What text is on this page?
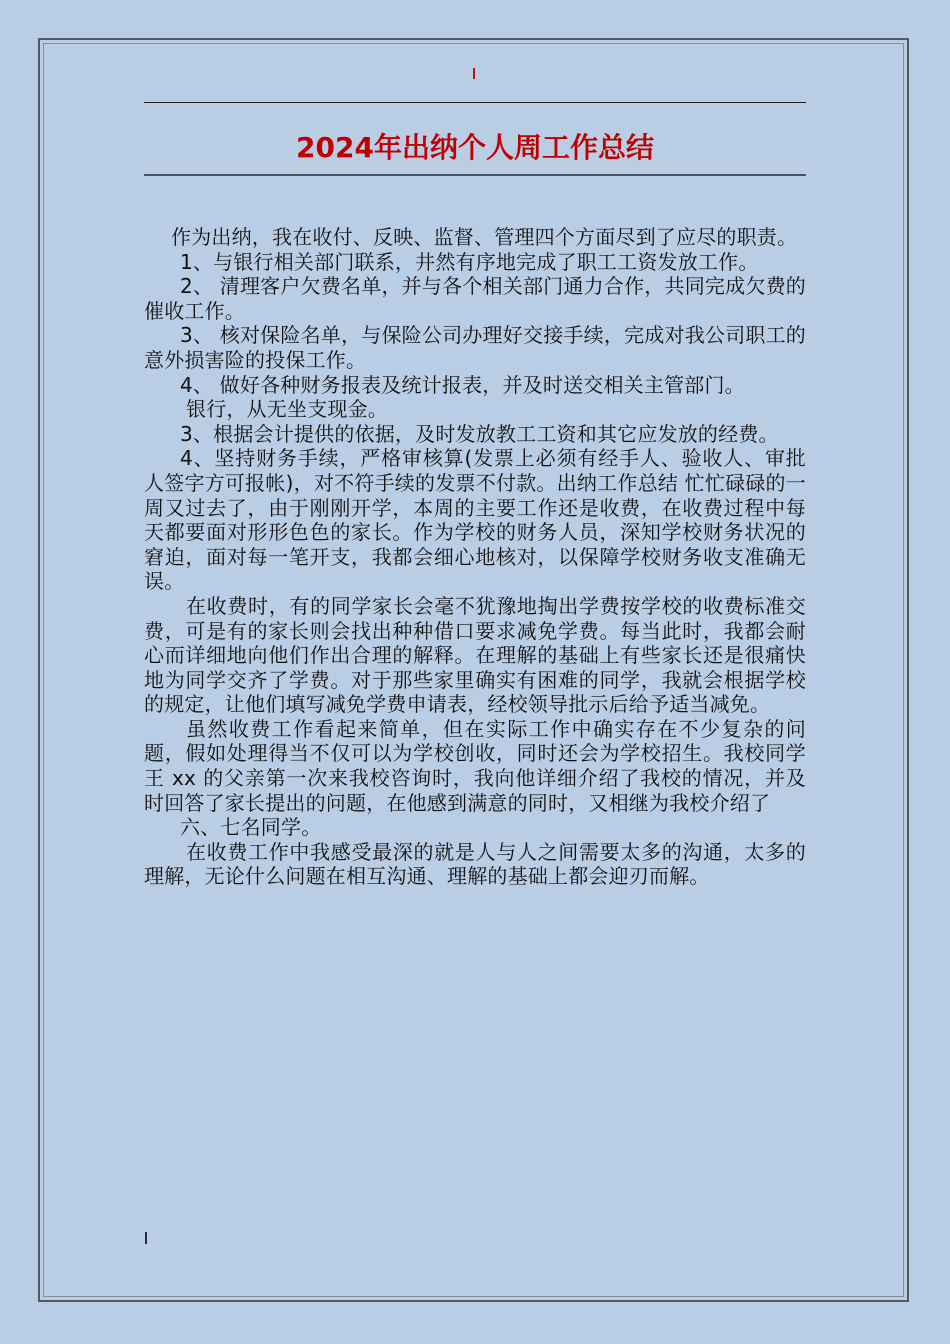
2024年出纳个人周工作总结

作为出纳，我在收付、反映、监督、管理四个方面尽到了应尽的职责。

1、与银行相关部门联系，井然有序地完成了职工工资发放工作。

2、 清理客户欠费名单，并与各个相关部门通力合作，共同完成欠费的催收工作。

3、 核对保险名单，与保险公司办理好交接手续，完成对我公司职工的意外损害险的投保工作。

4、 做好各种财务报表及统计报表，并及时送交相关主管部门。

银行，从无坐支现金。

3、根据会计提供的依据，及时发放教工工资和其它应发放的经费。

4、坚持财务手续，严格审核算(发票上必须有经手人、验收人、审批人签字方可报帐)，对不符手续的发票不付款。出纳工作总结 忙忙碌碌的一周又过去了，由于刚刚开学，本周的主要工作还是收费，在收费过程中每天都要面对形形色色的家长。作为学校的财务人员，深知学校财务状况的窘迫，面对每一笔开支，我都会细心地核对，以保障学校财务收支准确无误。

在收费时，有的同学家长会毫不犹豫地掏出学费按学校的收费标准交费，可是有的家长则会找出种种借口要求减免学费。每当此时，我都会耐心而详细地向他们作出合理的解释。在理解的基础上有些家长还是很痛快地为同学交齐了学费。对于那些家里确实有困难的同学，我就会根据学校的规定，让他们填写减免学费申请表，经校领导批示后给予适当减免。

虽然收费工作看起来简单，但在实际工作中确实存在不少复杂的问题，假如处理得当不仅可以为学校创收，同时还会为学校招生。我校同学王 xx 的父亲第一次来我校咨询时，我向他详细介绍了我校的情况，并及时回答了家长提出的问题，在他感到满意的同时，又相继为我校介绍了

六、七名同学。

在收费工作中我感受最深的就是人与人之间需要太多的沟通，太多的理解，无论什么问题在相互沟通、理解的基础上都会迎刃而解。
